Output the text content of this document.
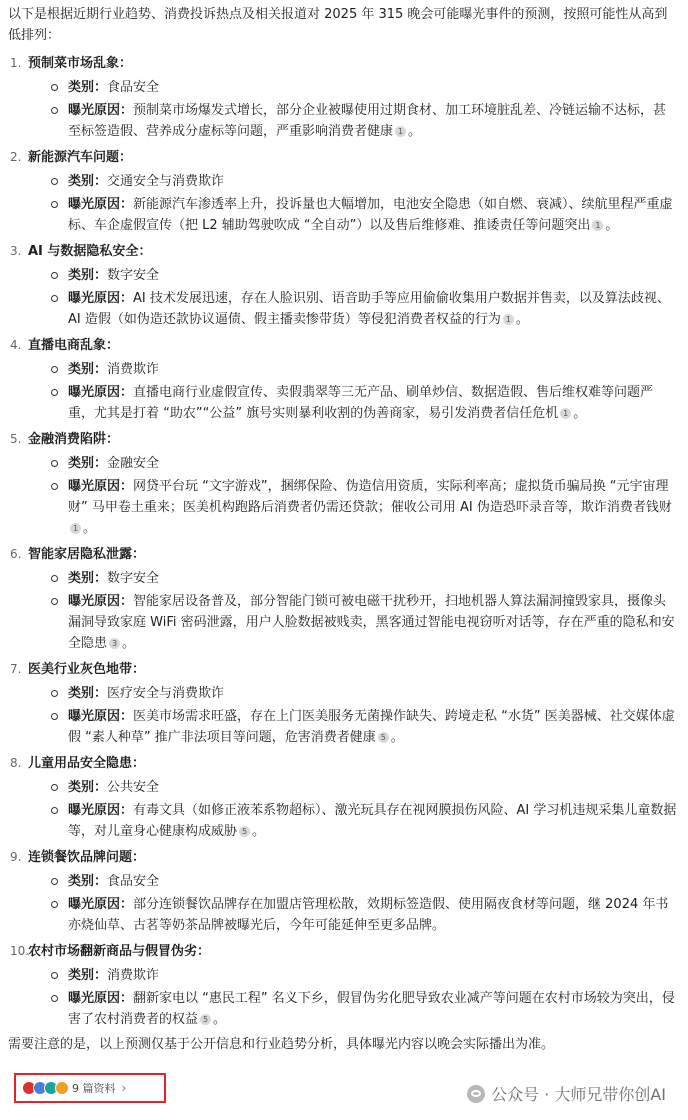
以下是根据近期行业趋势、消费投诉热点及相关报道对 2025 年 315 晚会可能曝光事件的预测，按照可能性从高到低排列：

1. 预制菜市场乱象：
类别：食品安全
曝光原因：预制菜市场爆发式增长，部分企业被曝使用过期食材、加工环境脏乱差、冷链运输不达标，甚至标签造假、营养成分虚标等问题，严重影响消费者健康 1 。
2. 新能源汽车问题：
类别：交通安全与消费欺诈
曝光原因：新能源汽车渗透率上升，投诉量也大幅增加，电池安全隐患（如自燃、衰减）、续航里程严重虚标、车企虚假宣传（把 L2 辅助驾驶吹成 “全自动”）以及售后维修难、推诿责任等问题突出 1 。
3. AI 与数据隐私安全：
类别：数字安全
曝光原因：AI 技术发展迅速，存在人脸识别、语音助手等应用偷偷收集用户数据并售卖，以及算法歧视、AI 造假（如伪造还款协议逼债、假主播卖惨带货）等侵犯消费者权益的行为 1 。
4. 直播电商乱象：
类别：消费欺诈
曝光原因：直播电商行业虚假宣传、卖假翡翠等三无产品、刷单炒信、数据造假、售后维权难等问题严重，尤其是打着 “助农”“公益” 旗号实则暴利收割的伪善商家，易引发消费者信任危机 1 。
5. 金融消费陷阱：
类别：金融安全
曝光原因：网贷平台玩 “文字游戏”，捆绑保险、伪造信用资质，实际利率高；虚拟货币骗局换 “元宇宙理财” 马甲卷土重来；医美机构跑路后消费者仍需还贷款；催收公司用 AI 伪造恐吓录音等，欺诈消费者钱财1 。
6. 智能家居隐私泄露：
类别：数字安全
曝光原因：智能家居设备普及，部分智能门锁可被电磁干扰秒开，扫地机器人算法漏洞撞毁家具，摄像头漏洞导致家庭 WiFi 密码泄露，用户人脸数据被贱卖，黑客通过智能电视窃听对话等，存在严重的隐私和安全隐患 3 。
7. 医美行业灰色地带：
类别：医疗安全与消费欺诈
曝光原因：医美市场需求旺盛，存在上门医美服务无菌操作缺失、跨境走私 “水货” 医美器械、社交媒体虚假 “素人种草” 推广非法项目等问题，危害消费者健康 5 。
8. 儿童用品安全隐患：
类别：公共安全
曝光原因：有毒文具（如修正液苯系物超标）、激光玩具存在视网膜损伤风险、AI 学习机违规采集儿童数据等，对儿童身心健康构成威胁 5 。
9. 连锁餐饮品牌问题：
类别：食品安全
曝光原因：部分连锁餐饮品牌存在加盟店管理松散，效期标签造假、使用隔夜食材等问题，继 2024 年书亦烧仙草、古茗等奶茶品牌被曝光后，今年可能延伸至更多品牌。
10.
农村市场翻新商品与假冒伪劣：
类别：消费欺诈
曝光原因：翻新家电以 “惠民工程” 名义下乡，假冒伪劣化肥导致农业减产等问题在农村市场较为突出，侵害了农村消费者的权益 5 。

需要注意的是，以上预测仅基于公开信息和行业趋势分析，具体曝光内容以晚会实际播出为准。

9 篇资料 ›	公众号 · 大师兄带你创AI
